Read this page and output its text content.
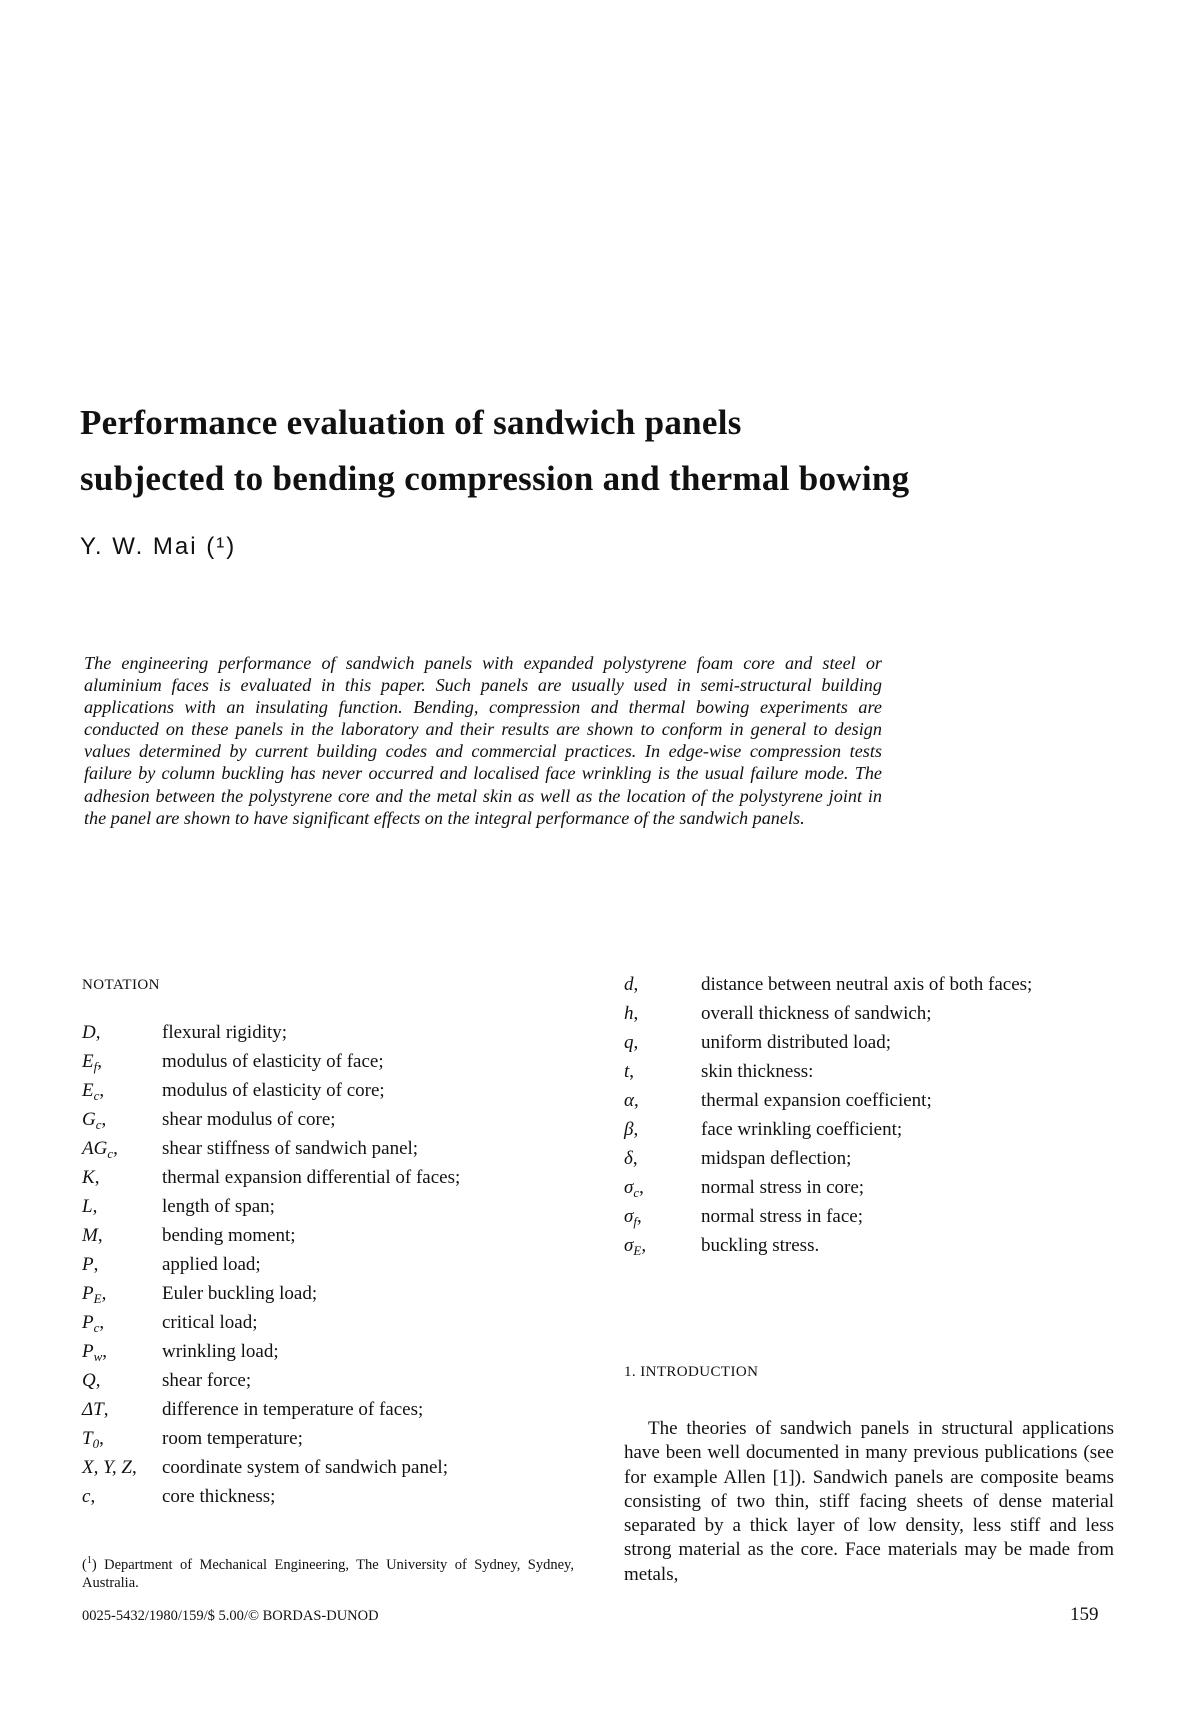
Performance evaluation of sandwich panels
subjected to bending compression and thermal bowing
Y. W. Mai (¹)
The engineering performance of sandwich panels with expanded polystyrene foam core and steel or aluminium faces is evaluated in this paper. Such panels are usually used in semi-structural building applications with an insulating function. Bending, compression and thermal bowing experiments are conducted on these panels in the laboratory and their results are shown to conform in general to design values determined by current building codes and commercial practices. In edge-wise compression tests failure by column buckling has never occurred and localised face wrinkling is the usual failure mode. The adhesion between the polystyrene core and the metal skin as well as the location of the polystyrene joint in the panel are shown to have significant effects on the integral performance of the sandwich panels.
NOTATION
D,	flexural rigidity;
$E_f$,	modulus of elasticity of face;
$E_c$,	modulus of elasticity of core;
$G_c$,	shear modulus of core;
$AG_c$,	shear stiffness of sandwich panel;
K,	thermal expansion differential of faces;
L,	length of span;
M,	bending moment;
P,	applied load;
$P_E$,	Euler buckling load;
$P_c$,	critical load;
$P_w$,	wrinkling load;
Q,	shear force;
ΔT,	difference in temperature of faces;
$T_0$,	room temperature;
X, Y, Z,	coordinate system of sandwich panel;
c,	core thickness;
d,	distance between neutral axis of both faces;
h,	overall thickness of sandwich;
q,	uniform distributed load;
t,	skin thickness:
α,	thermal expansion coefficient;
β,	face wrinkling coefficient;
δ,	midspan deflection;
$\sigma_c$,	normal stress in core;
$\sigma_f$,	normal stress in face;
$\sigma_E$,	buckling stress.
1. INTRODUCTION
The theories of sandwich panels in structural applications have been well documented in many previous publications (see for example Allen [1]). Sandwich panels are composite beams consisting of two thin, stiff facing sheets of dense material separated by a thick layer of low density, less stiff and less strong material as the core. Face materials may be made from metals,
($^1$) Department of Mechanical Engineering, The University of Sydney, Sydney, Australia.
0025-5432/1980/159/$ 5.00/© BORDAS-DUNOD	159
